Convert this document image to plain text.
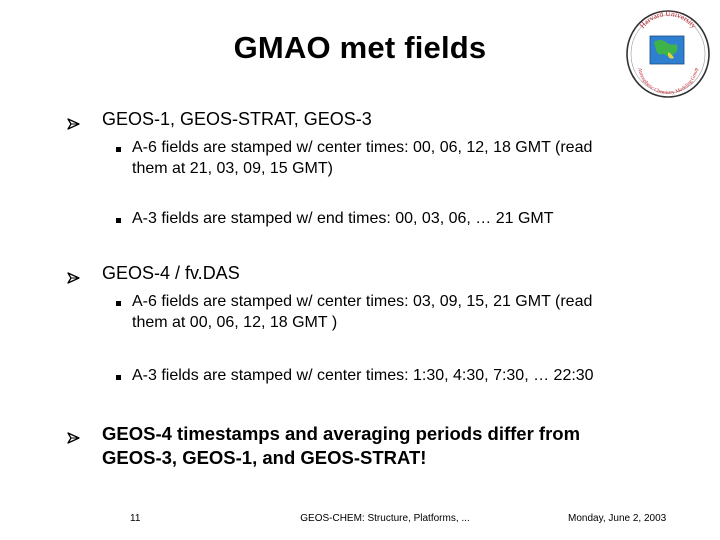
GMAO met fields
Harvard University
Atmospheric Chemistry Modeling Group
GEOS-1, GEOS-STRAT, GEOS-3
A-6 fields are stamped w/ center times: 00, 06, 12, 18 GMT (read
them at 21, 03, 09, 15 GMT)
A-3 fields are stamped w/ end times: 00, 03, 06, … 21 GMT
GEOS-4 / fv.DAS
A-6 fields are stamped w/ center times: 03, 09, 15, 21 GMT (read
them at 00, 06, 12, 18 GMT )
A-3 fields are stamped w/ center times: 1:30, 4:30, 7:30, … 22:30
GEOS-4 timestamps and averaging periods differ from
GEOS-3, GEOS-1, and GEOS-STRAT!
11	GEOS-CHEM: Structure, Platforms, ...	Monday, June 2, 2003
